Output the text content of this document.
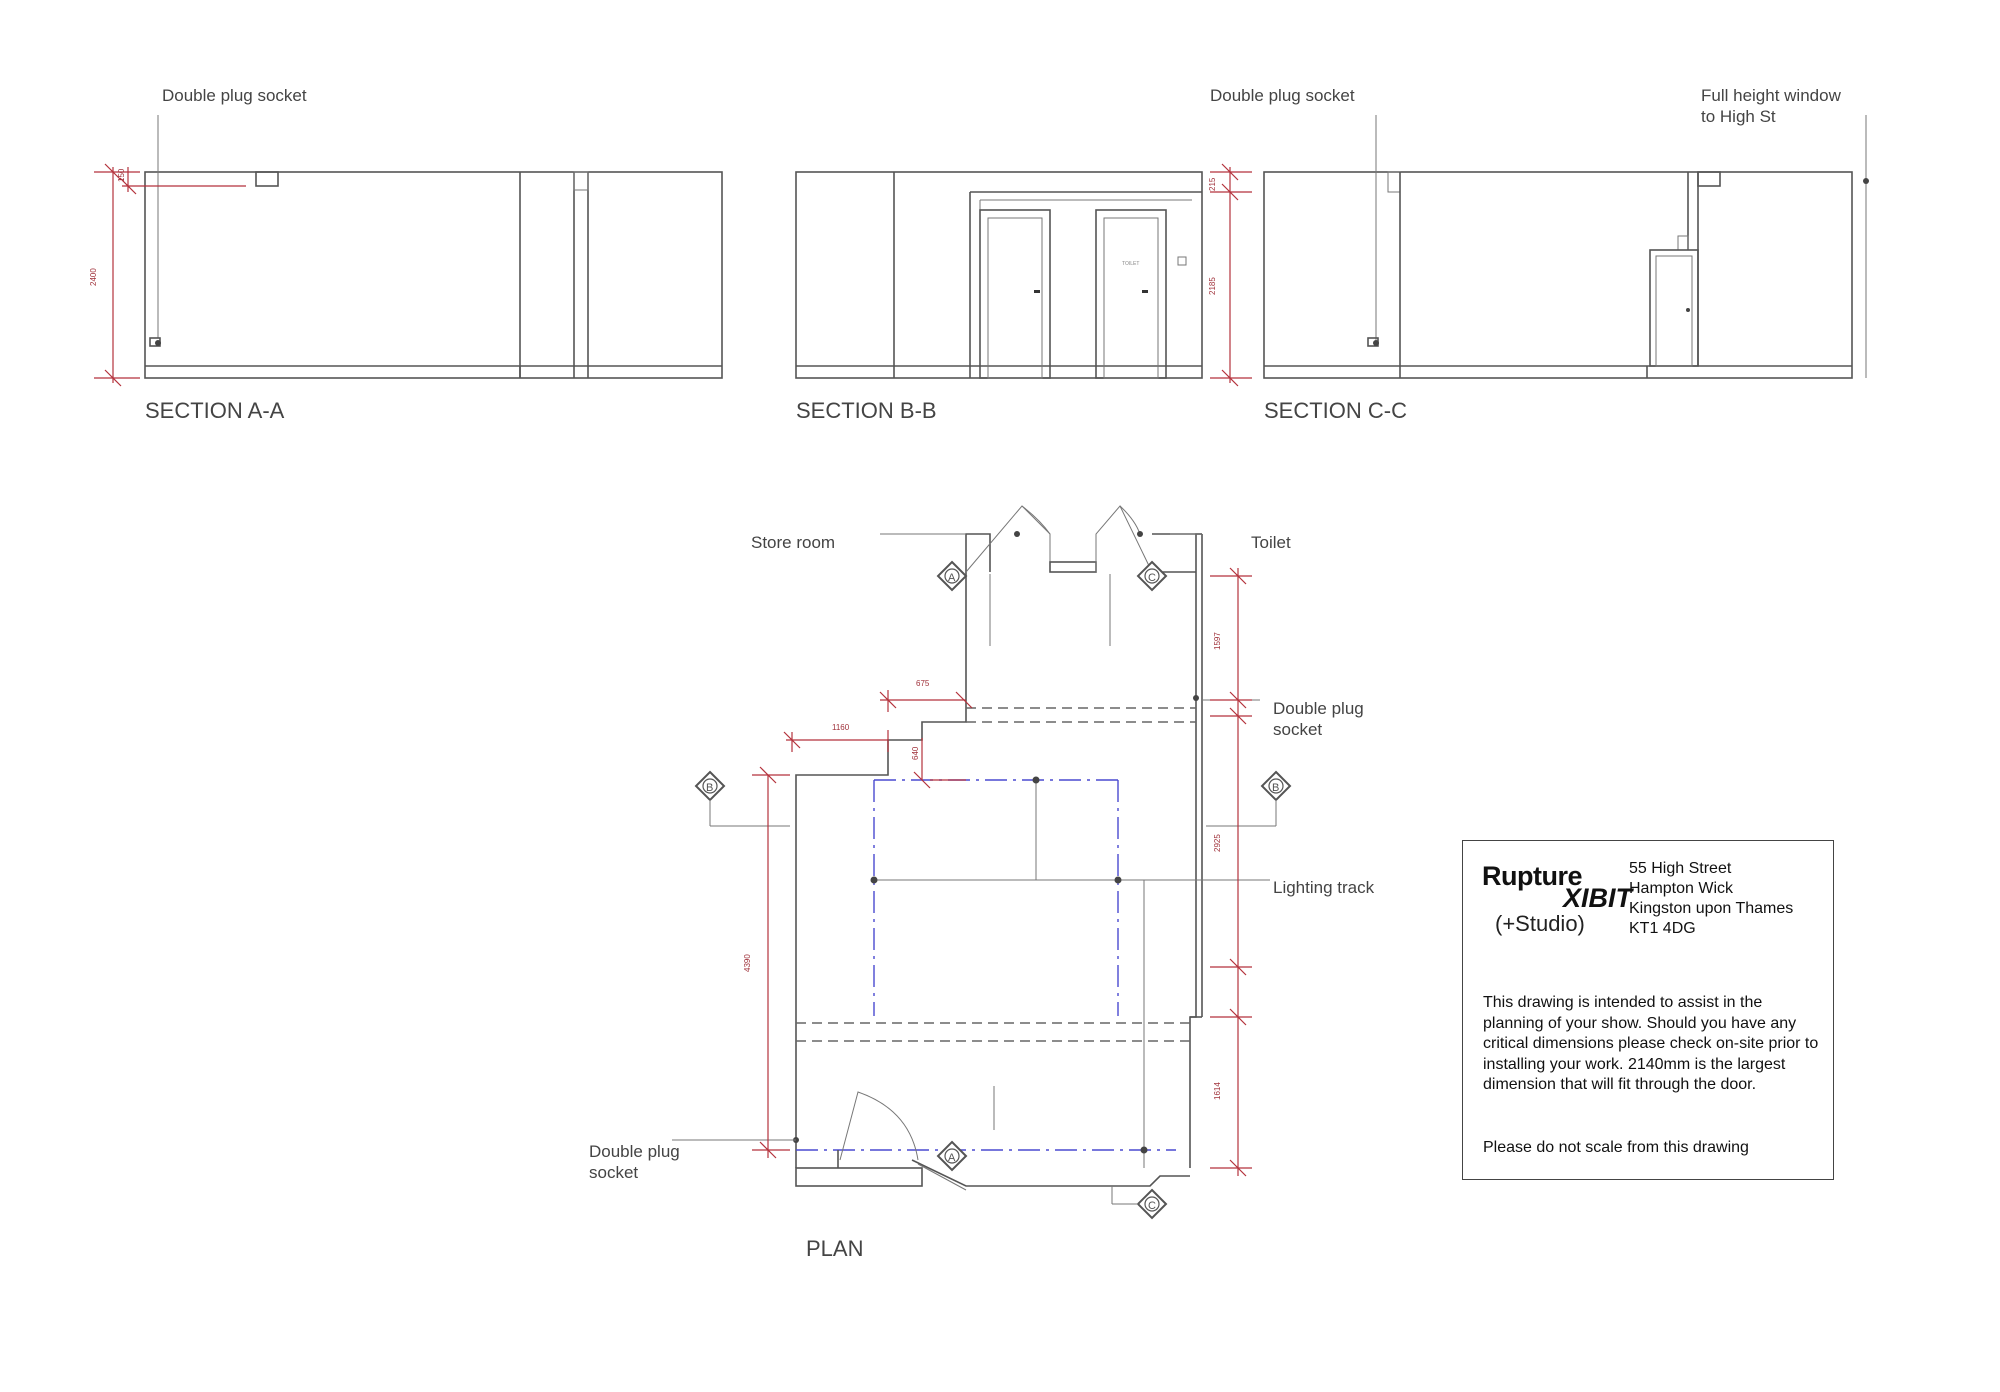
Double plug socket
150
2400
SECTION A-A
TOILET
215
2185
SECTION B-B
Double plug socket	Full height window
to High St
SECTION C-C
A	C
B	B
A
C
4390
1160
675
640
1597
2925
1614
Store room	Toilet
Double plug
socket
Lighting track
Double plug
socket
PLAN
Rupture
XIBIT
(+Studio)
55 High Street
Hampton Wick
Kingston upon Thames
KT1 4DG
This drawing is intended to assist in the planning of your show. Should you have any critical dimensions please check on-site prior to installing your work. 2140mm is the largest dimension that will fit through the door.
Please do not scale from this drawing
